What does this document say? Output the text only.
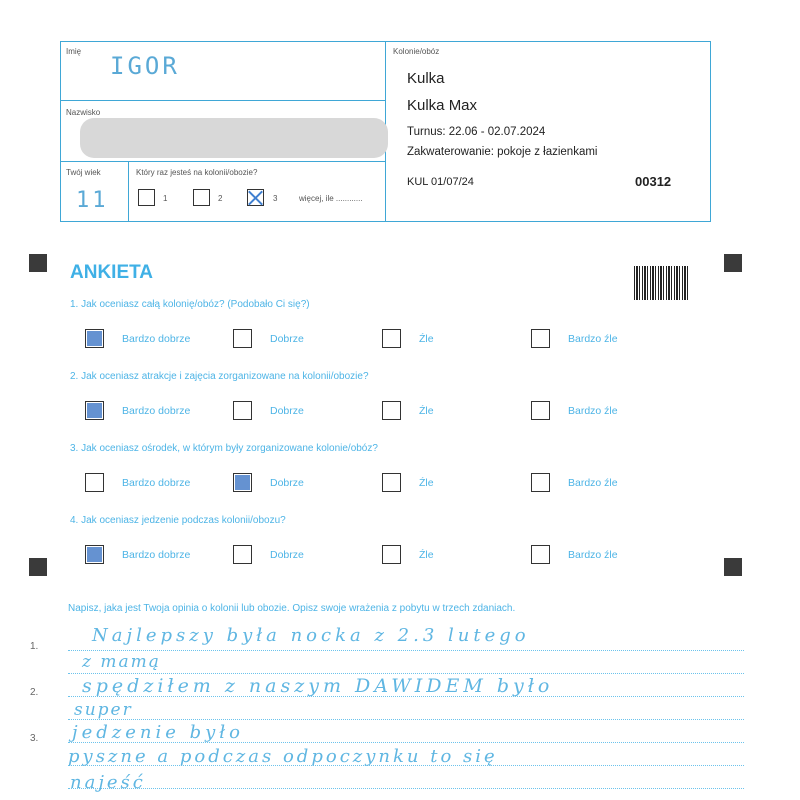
Imię
IGOR
Nazwisko
Twój wiek
11
Który raz jesteś na kolonii/obozie?
1	2	3	więcej, ile ............
Kolonie/obóz
Kulka
Kulka Max
Turnus: 22.06 - 02.07.2024
Zakwaterowanie: pokoje z łazienkami
KUL 01/07/24	00312
ANKIETA
1. Jak oceniasz całą kolonię/obóz? (Podobało Ci się?)
Bardzo dobrze	Dobrze	Źle	Bardzo źle
2. Jak oceniasz atrakcje i zajęcia zorganizowane na kolonii/obozie?
Bardzo dobrze	Dobrze	Źle	Bardzo źle
3. Jak oceniasz ośrodek, w którym były zorganizowane kolonie/obóz?
Bardzo dobrze	Dobrze	Źle	Bardzo źle
4. Jak oceniasz jedzenie podczas kolonii/obozu?
Bardzo dobrze	Dobrze	Źle	Bardzo źle
Napisz, jaka jest Twoja opinia o kolonii lub obozie. Opisz swoje wrażenia z pobytu w trzech zdaniach.
1.
2.
3.
Najlepszy była nocka z 2.3 lutego
z mamą
spędziłem z naszym DAWIDEM było
super
jedzenie było
pyszne a podczas odpoczynku to się
najeść
